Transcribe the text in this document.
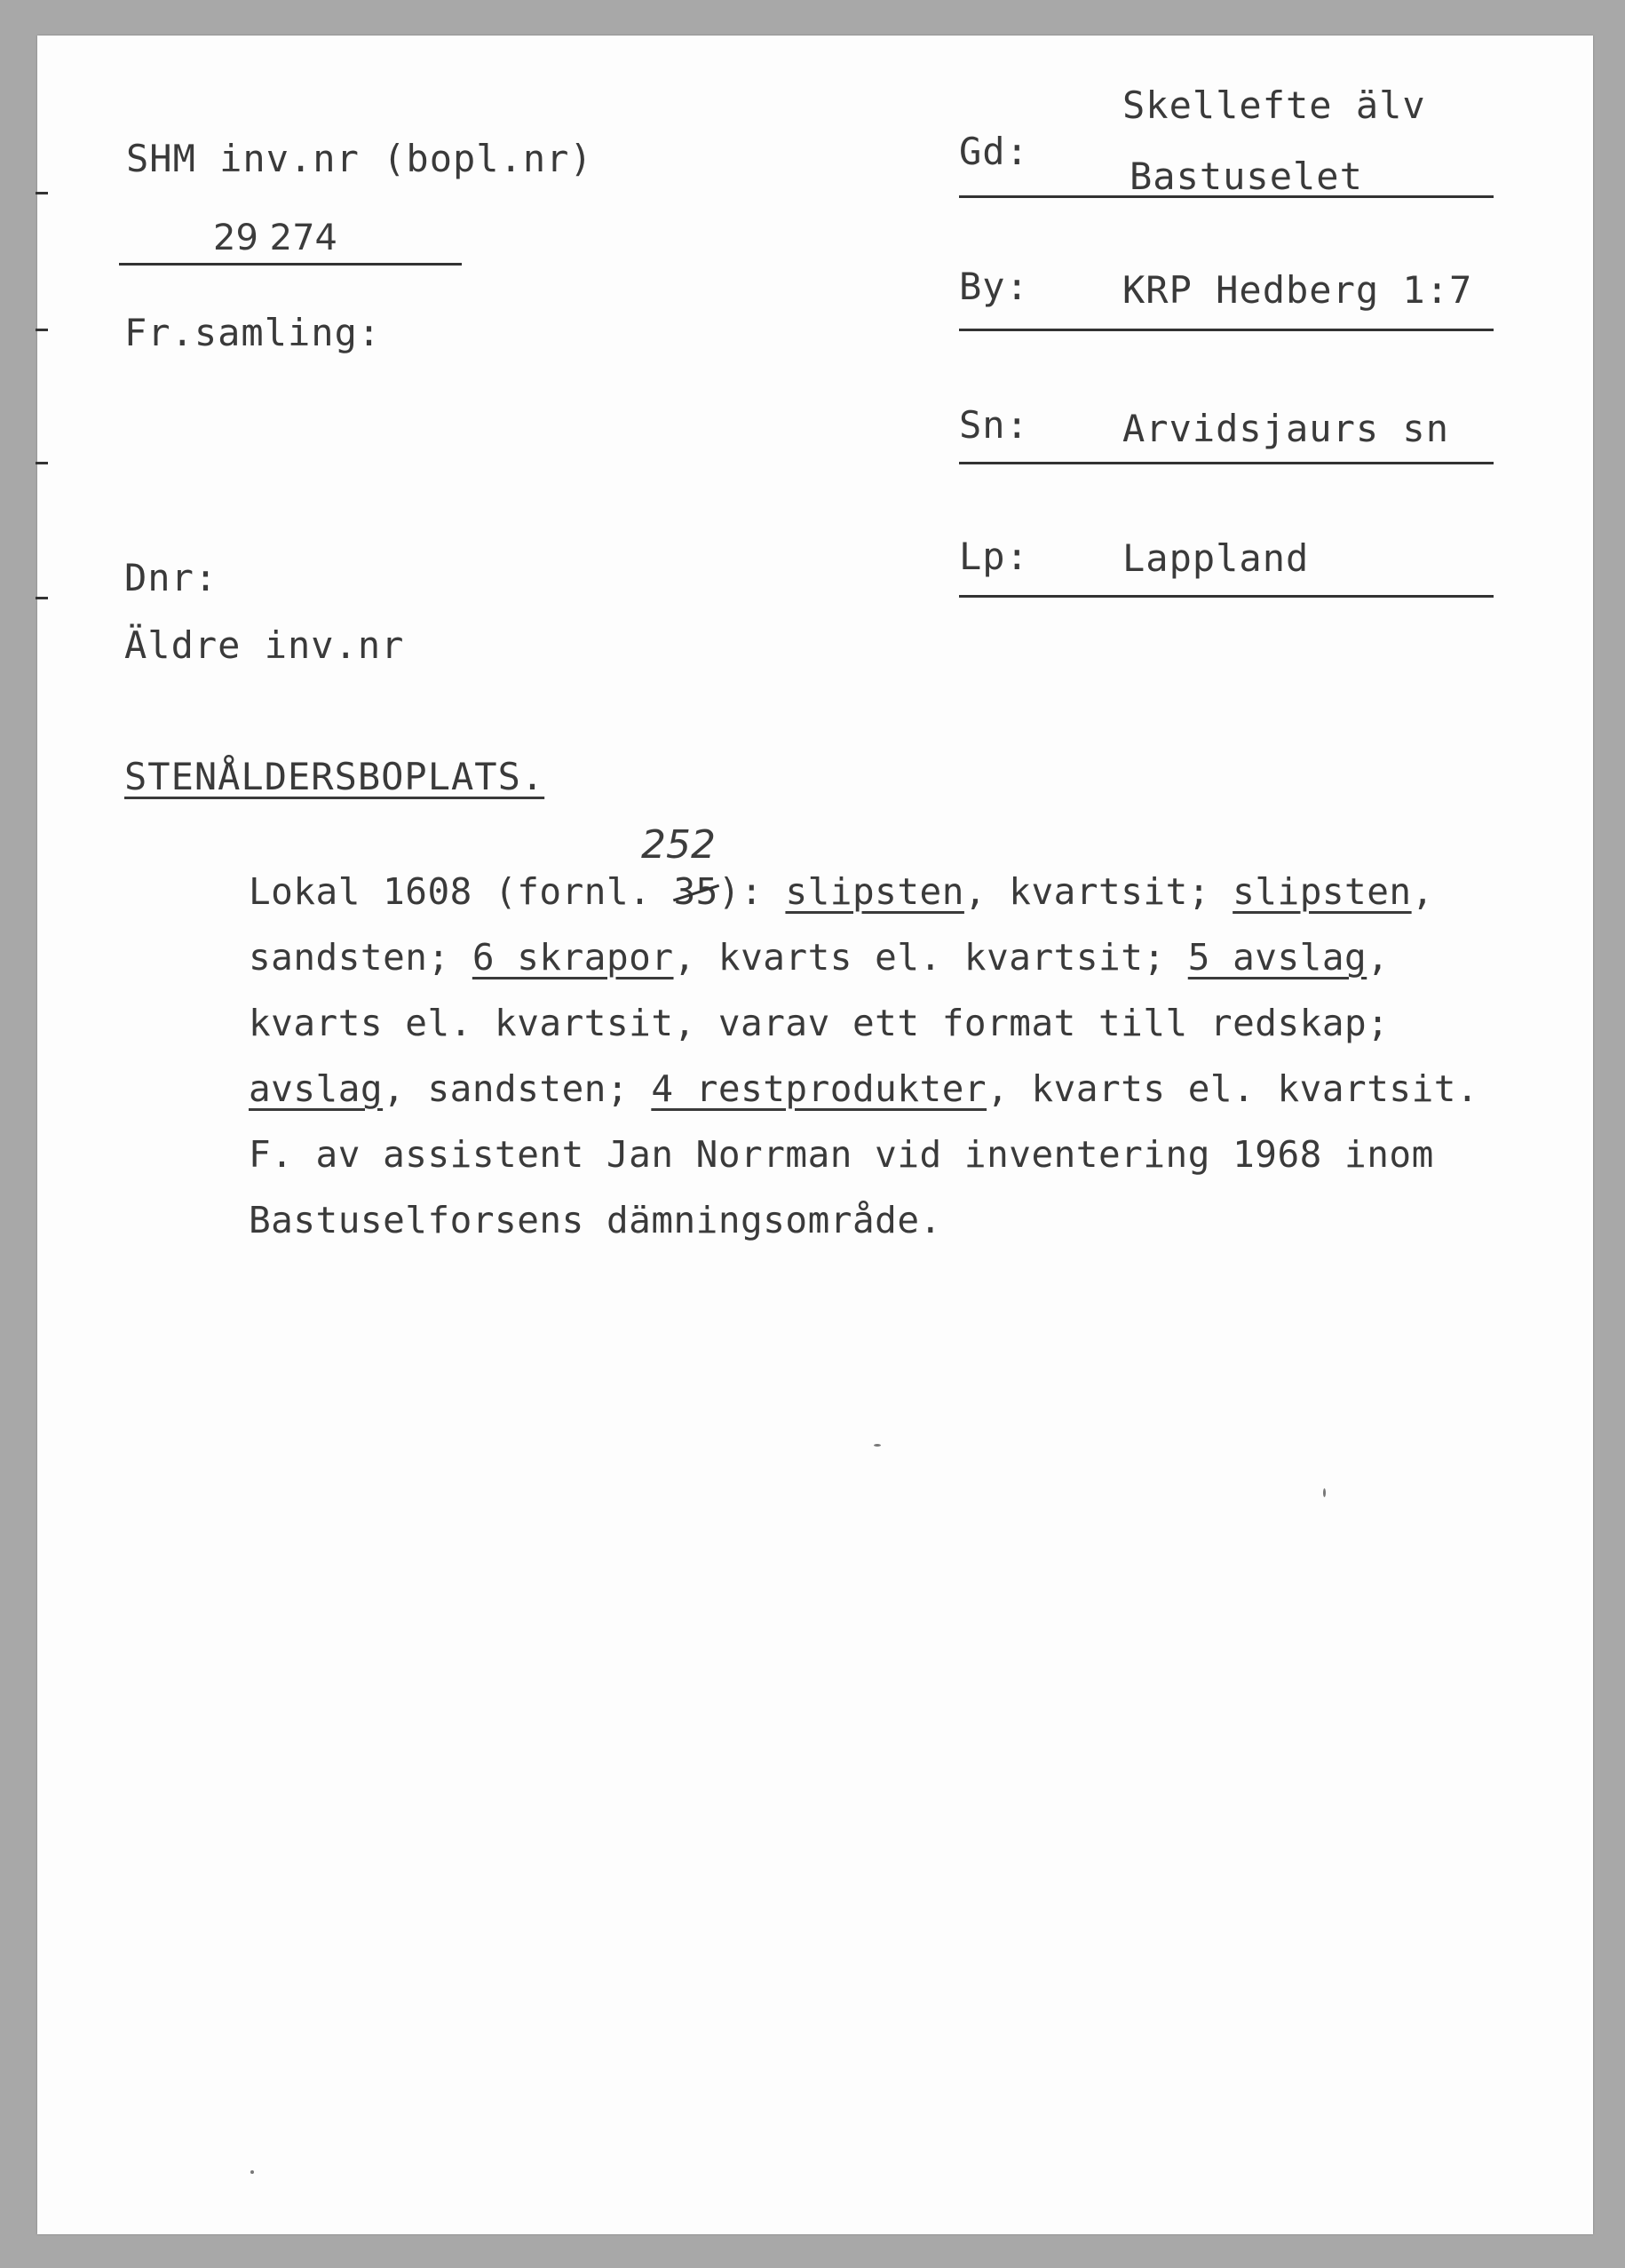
SHM inv.nr (bopl.nr)
29 274
Fr.samling:
Dnr:
Äldre inv.nr
Gd:
Skellefte älv
Bastuselet
By:	KRP Hedberg 1:7
Sn:	Arvidsjaurs sn
Lp:	Lappland
STENÅLDERSBOPLATS.
252
Lokal 1608 (fornl. 35): slipsten, kvartsit; slipsten,
sandsten; 6 skrapor, kvarts el. kvartsit; 5 avslag,
kvarts el. kvartsit, varav ett format till redskap;
avslag, sandsten; 4 restprodukter, kvarts el. kvartsit.
F. av assistent Jan Norrman vid inventering 1968 inom
Bastuselforsens dämningsområde.
